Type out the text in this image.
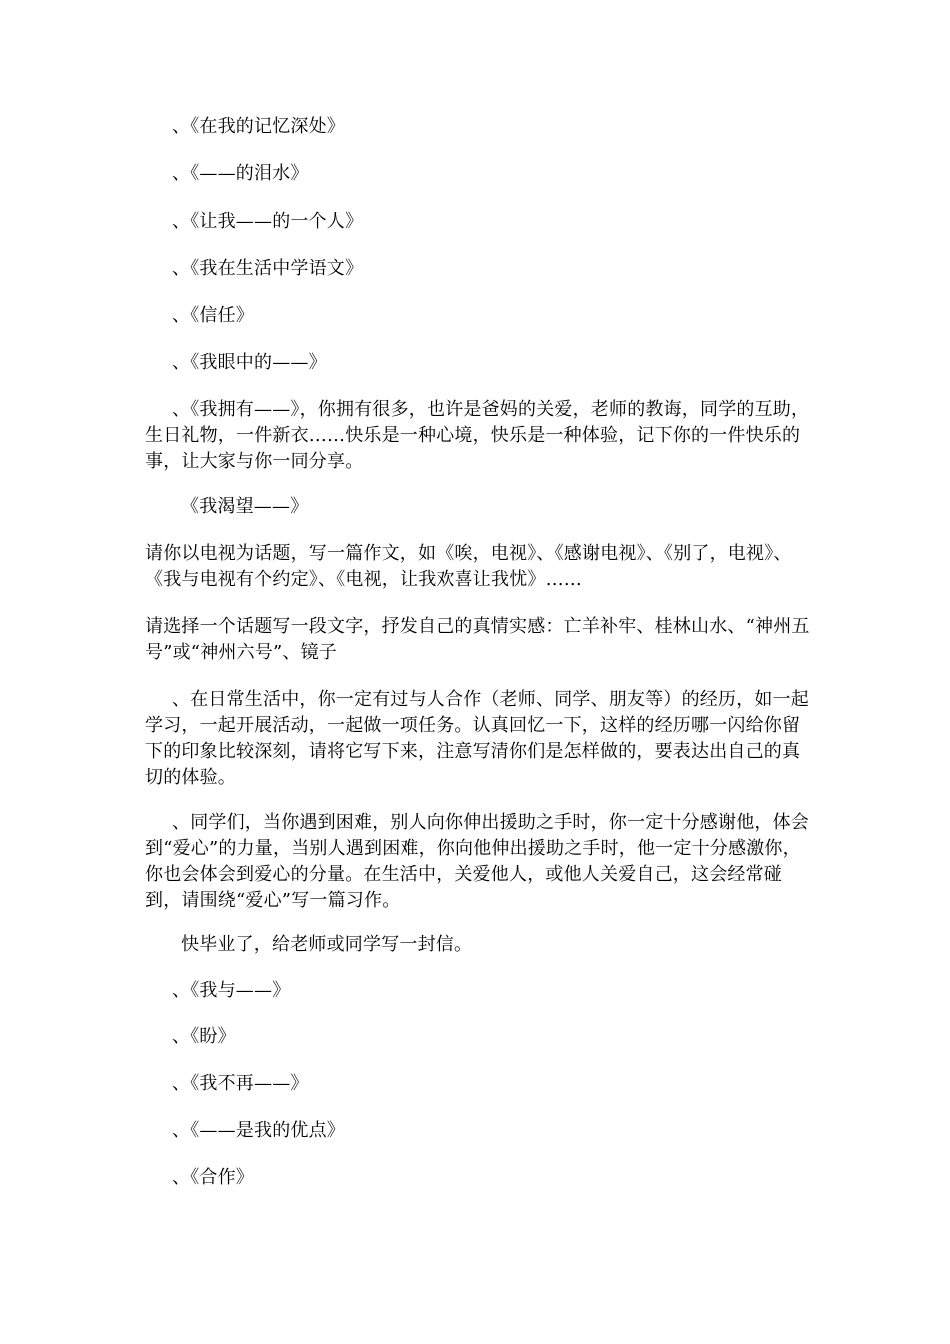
、《在我的记忆深处》

、《——的泪水》

、《让我——的一个人》

、《我在生活中学语文》

、《信任》

、《我眼中的——》

、《我拥有——》，你拥有很多，也许是爸妈的关爱，老师的教诲，同学的互助，生日礼物，一件新衣……快乐是一种心境，快乐是一种体验，记下你的一件快乐的事，让大家与你一同分享。

《我渴望——》

请你以电视为话题，写一篇作文，如《唉，电视》、《感谢电视》、《别了，电视》、《我与电视有个约定》、《电视，让我欢喜让我忧》……

请选择一个话题写一段文字，抒发自己的真情实感：亡羊补牢、桂林山水、“神州五号”或“神州六号”、镜子

、在日常生活中，你一定有过与人合作（老师、同学、朋友等）的经历，如一起学习，一起开展活动，一起做一项任务。认真回忆一下，这样的经历哪一闪给你留下的印象比较深刻，请将它写下来，注意写清你们是怎样做的，要表达出自己的真切的体验。

、同学们，当你遇到困难，别人向你伸出援助之手时，你一定十分感谢他，体会到“爱心”的力量，当别人遇到困难，你向他伸出援助之手时，他一定十分感激你，你也会体会到爱心的分量。在生活中，关爱他人，或他人关爱自己，这会经常碰到，请围绕“爱心”写一篇习作。

快毕业了，给老师或同学写一封信。

、《我与——》

、《盼》

、《我不再——》

、《——是我的优点》

、《合作》
